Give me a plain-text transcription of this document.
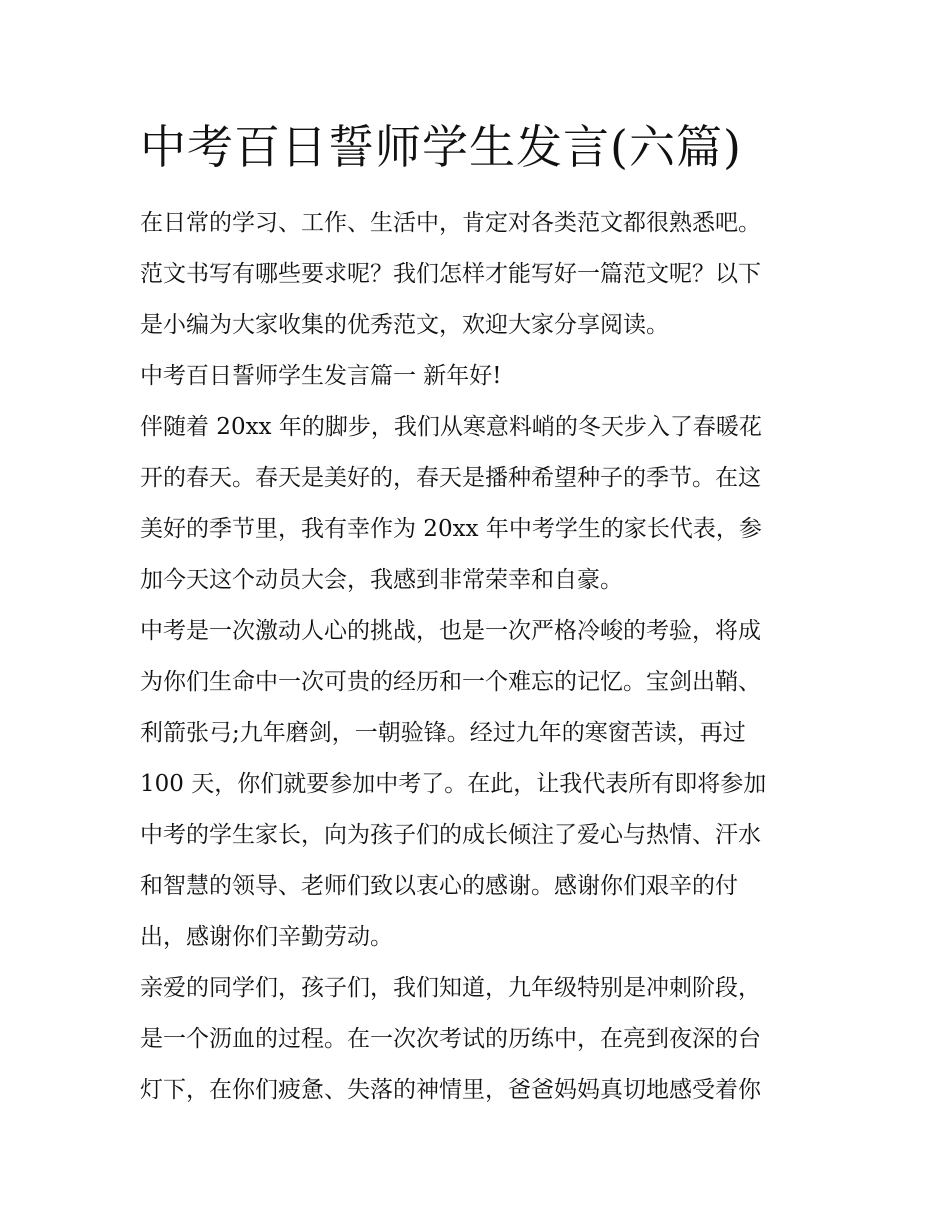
中考百日誓师学生发言(六篇)
在日常的学习、工作、生活中，肯定对各类范文都很熟悉吧。
范文书写有哪些要求呢？我们怎样才能写好一篇范文呢？以下
是小编为大家收集的优秀范文，欢迎大家分享阅读。
中考百日誓师学生发言篇一 新年好!
伴随着 20xx 年的脚步，我们从寒意料峭的冬天步入了春暖花
开的春天。春天是美好的，春天是播种希望种子的季节。在这
美好的季节里，我有幸作为 20xx 年中考学生的家长代表，参
加今天这个动员大会，我感到非常荣幸和自豪。
中考是一次激动人心的挑战，也是一次严格冷峻的考验，将成
为你们生命中一次可贵的经历和一个难忘的记忆。宝剑出鞘、
利箭张弓;九年磨剑，一朝验锋。经过九年的寒窗苦读，再过
100 天，你们就要参加中考了。在此，让我代表所有即将参加
中考的学生家长，向为孩子们的成长倾注了爱心与热情、汗水
和智慧的领导、老师们致以衷心的感谢。感谢你们艰辛的付
出，感谢你们辛勤劳动。
亲爱的同学们，孩子们，我们知道，九年级特别是冲刺阶段，
是一个沥血的过程。在一次次考试的历练中，在亮到夜深的台
灯下，在你们疲惫、失落的神情里，爸爸妈妈真切地感受着你
